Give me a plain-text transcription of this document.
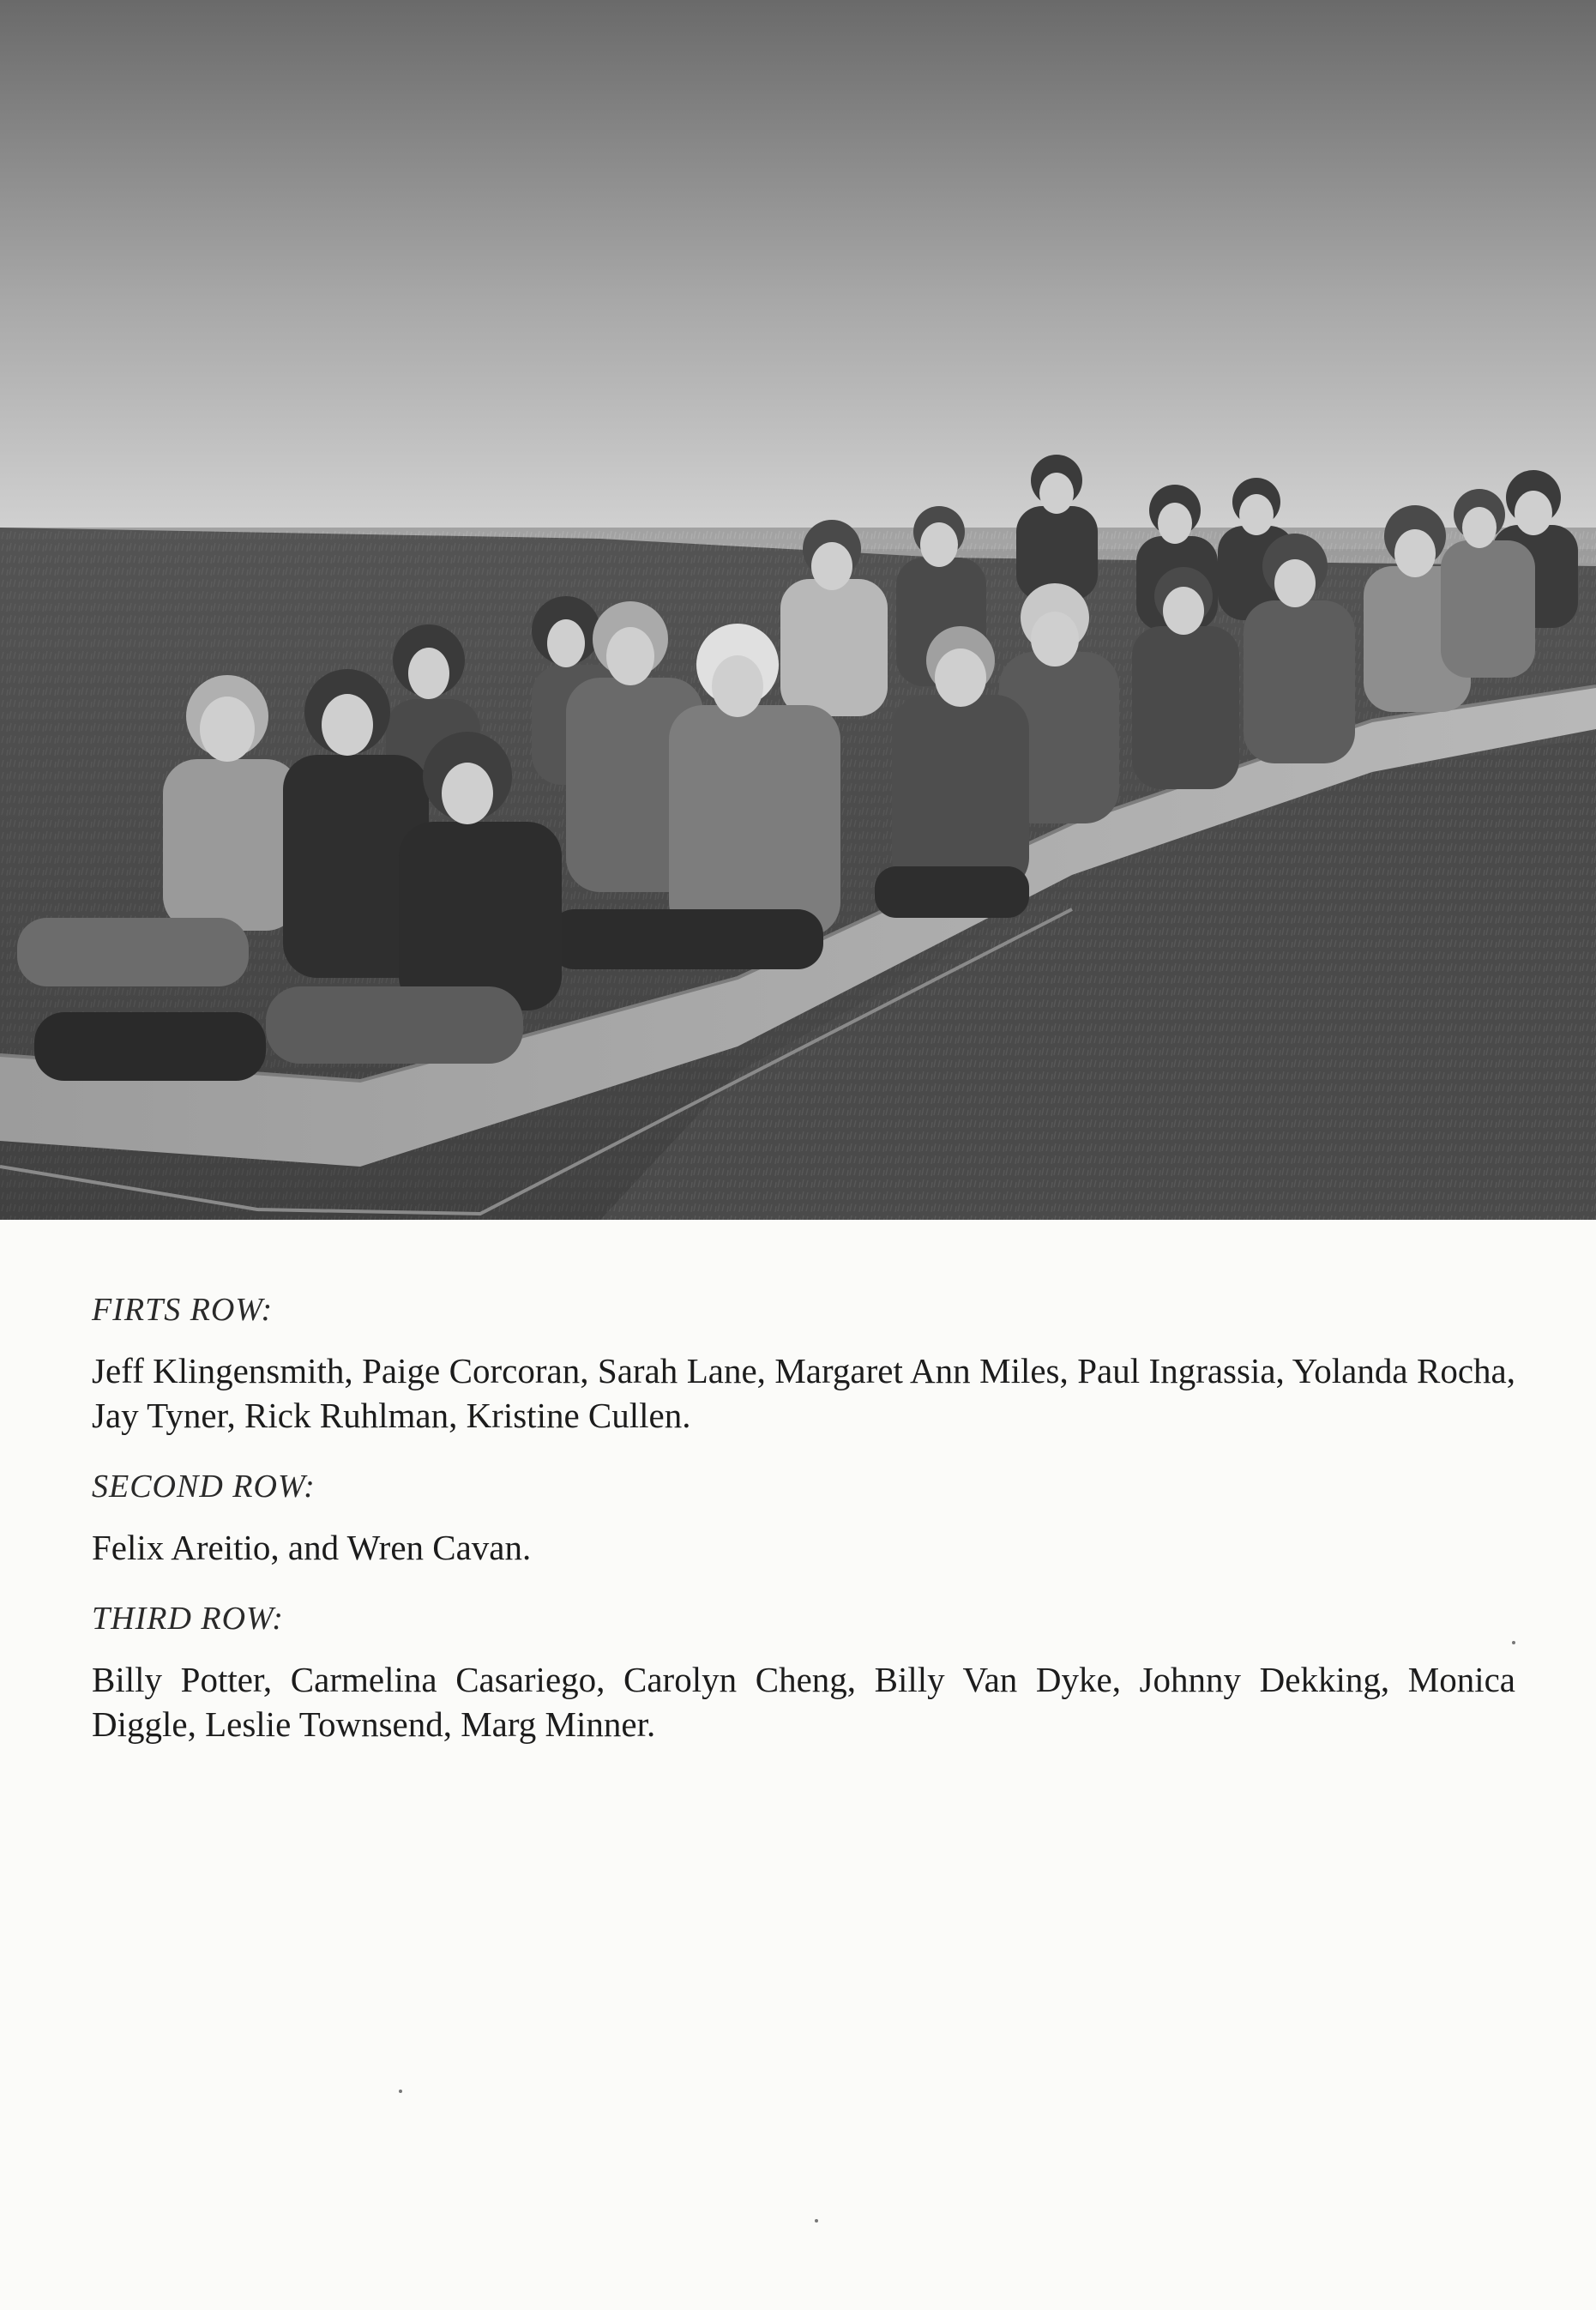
FIRTS ROW:

Jeff Klingensmith, Paige Corcoran, Sarah Lane, Margaret Ann Miles, Paul Ingrassia, Yolanda Rocha, Jay Tyner, Rick Ruhlman, Kristine Cullen.

SECOND ROW:

Felix Areitio, and Wren Cavan.

THIRD ROW:

Billy Potter, Carmelina Casariego, Carolyn Cheng, Billy Van Dyke, Johnny Dekking, Monica Diggle, Leslie Townsend, Marg Minner.
